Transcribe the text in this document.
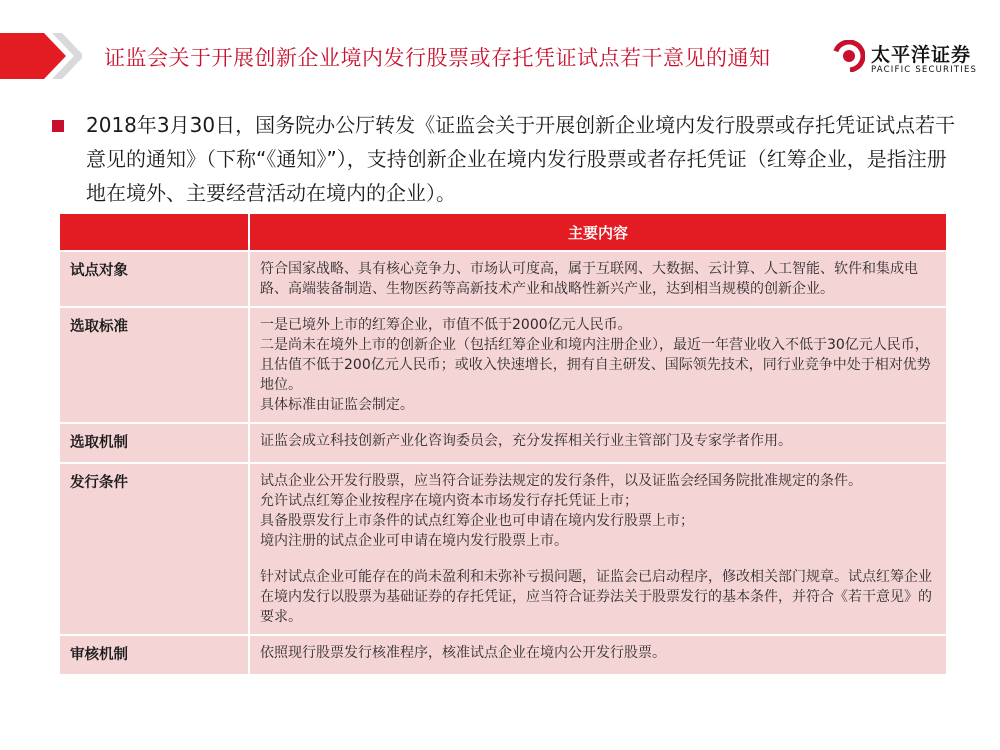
证监会关于开展创新企业境内发行股票或存托凭证试点若干意见的通知	太平洋证券
PACIFIC SECURITIES
2018年3月30日，国务院办公厅转发《证监会关于开展创新企业境内发行股票或存托凭证试点若干意见的通知》（下称“《通知》”），支持创新企业在境内发行股票或者存托凭证（红筹企业，是指注册地在境外、主要经营活动在境内的企业）。
	主要内容
试点对象	符合国家战略、具有核心竞争力、市场认可度高，属于互联网、大数据、云计算、人工智能、软件和集成电路、高端装备制造、生物医药等高新技术产业和战略性新兴产业，达到相当规模的创新企业。

选取标准	一是已境外上市的红筹企业，市值不低于2000亿元人民币。

二是尚未在境外上市的创新企业（包括红筹企业和境内注册企业），最近一年营业收入不低于30亿元人民币，且估值不低于200亿元人民币；或收入快速增长，拥有自主研发、国际领先技术，同行业竞争中处于相对优势地位。

具体标准由证监会制定。

选取机制	证监会成立科技创新产业化咨询委员会，充分发挥相关行业主管部门及专家学者作用。

发行条件	试点企业公开发行股票，应当符合证券法规定的发行条件，以及证监会经国务院批准规定的条件。

允许试点红筹企业按程序在境内资本市场发行存托凭证上市；

具备股票发行上市条件的试点红筹企业也可申请在境内发行股票上市；

境内注册的试点企业可申请在境内发行股票上市。

针对试点企业可能存在的尚未盈利和未弥补亏损问题，证监会已启动程序，修改相关部门规章。试点红筹企业在境内发行以股票为基础证券的存托凭证，应当符合证券法关于股票发行的基本条件，并符合《若干意见》的要求。

审核机制	依照现行股票发行核准程序，核准试点企业在境内公开发行股票。
